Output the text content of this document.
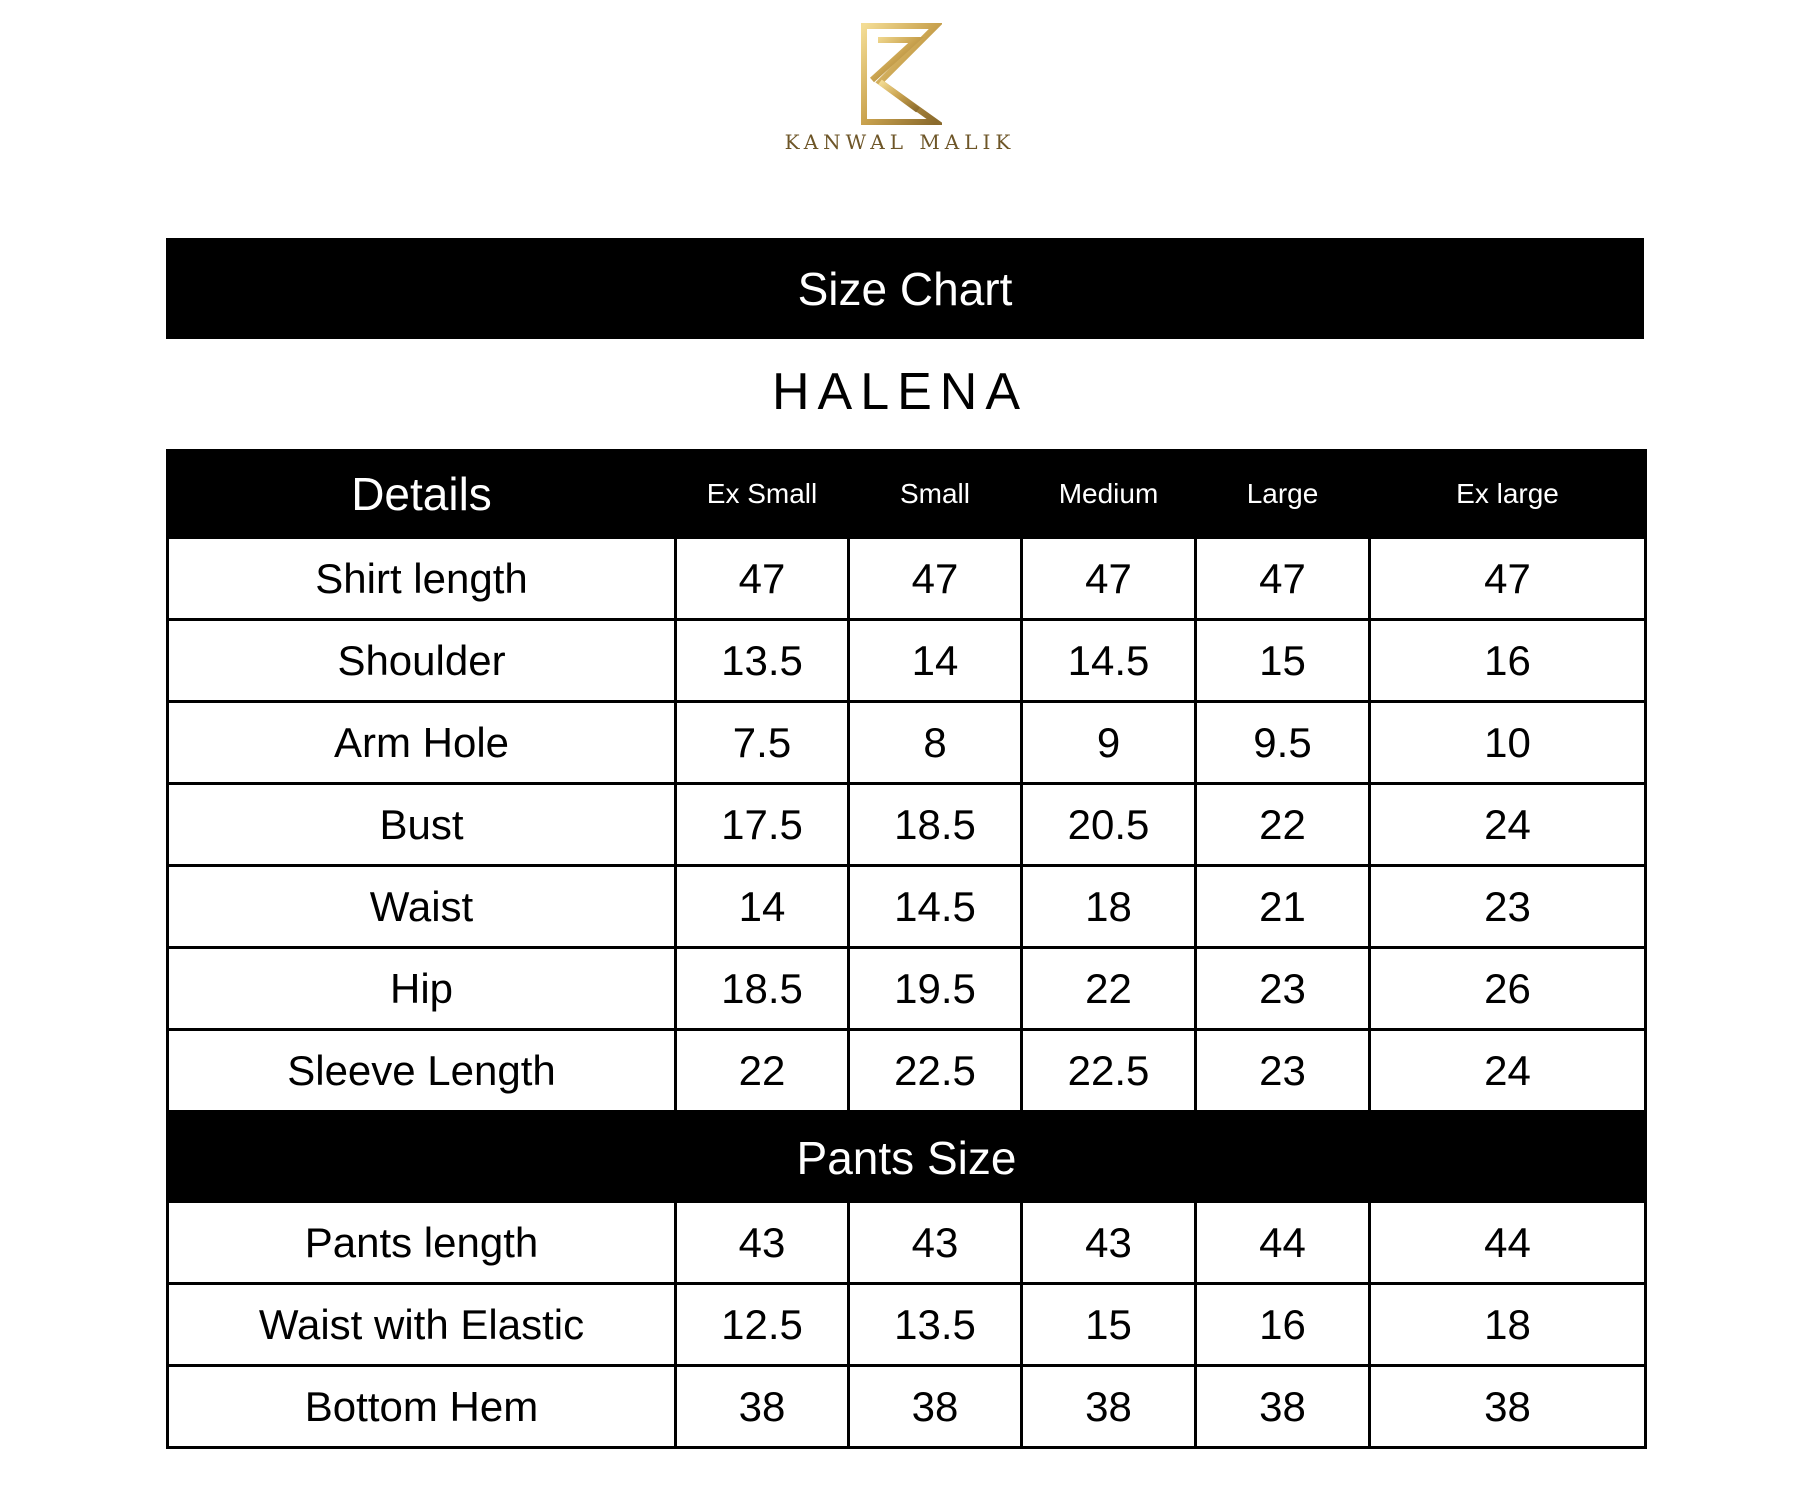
KANWAL MALIK
Size Chart
HALENA
Details	Ex Small	Small	Medium	Large	Ex large
Shirt length	47	47	47	47	47
Shoulder	13.5	14	14.5	15	16
Arm Hole	7.5	8	9	9.5	10
Bust	17.5	18.5	20.5	22	24
Waist	14	14.5	18	21	23
Hip	18.5	19.5	22	23	26
Sleeve Length	22	22.5	22.5	23	24
Pants Size					
Pants length	43	43	43	44	44
Waist with Elastic	12.5	13.5	15	16	18
Bottom Hem	38	38	38	38	38
